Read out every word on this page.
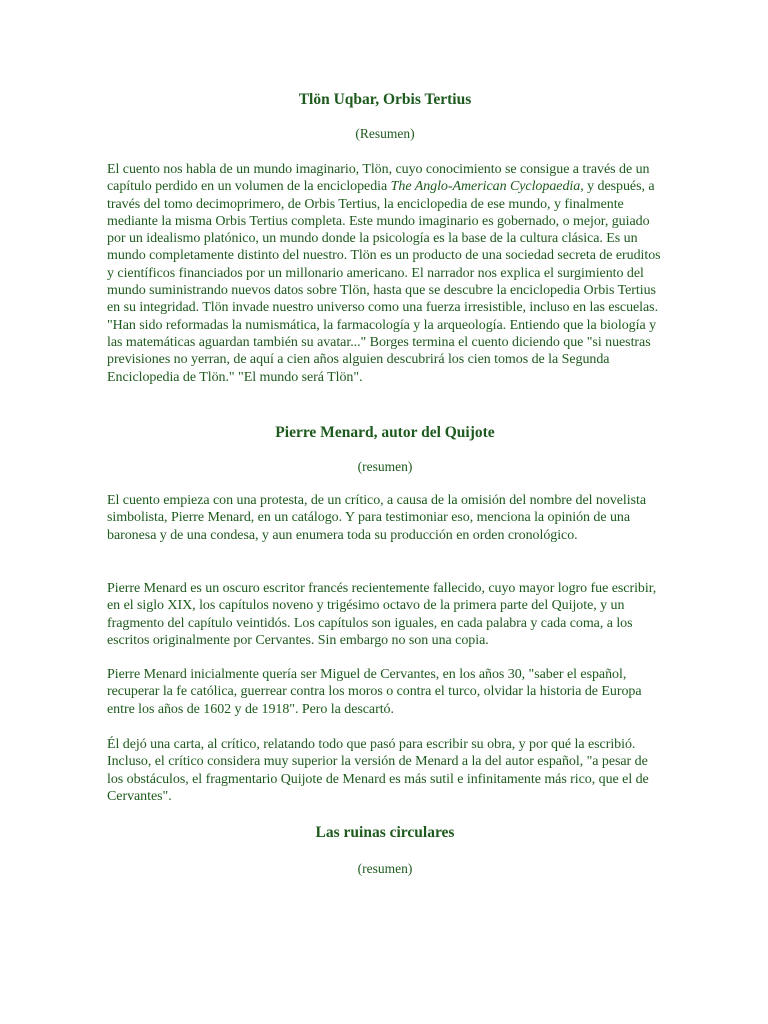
Tlön Uqbar, Orbis Tertius

(Resumen)

El cuento nos habla de un mundo imaginario, Tlön, cuyo conocimiento se consigue a través de un capítulo perdido en un volumen de la enciclopedia The Anglo-American Cyclopaedia, y después, a través del tomo decimoprimero, de Orbis Tertius, la enciclopedia de ese mundo, y finalmente mediante la misma Orbis Tertius completa. Este mundo imaginario es gobernado, o mejor, guiado por un idealismo platónico, un mundo donde la psicología es la base de la cultura clásica. Es un mundo completamente distinto del nuestro. Tlön es un producto de una sociedad secreta de eruditos y científicos financiados por un millonario americano. El narrador nos explica el surgimiento del mundo suministrando nuevos datos sobre Tlön, hasta que se descubre la enciclopedia Orbis Tertius en su integridad. Tlön invade nuestro universo como una fuerza irresistible, incluso en las escuelas. "Han sido reformadas la numismática, la farmacología y la arqueología. Entiendo que la biología y las matemáticas aguardan también su avatar..." Borges termina el cuento diciendo que "si nuestras previsiones no yerran, de aquí a cien años alguien descubrirá los cien tomos de la Segunda Enciclopedia de Tlön." "El mundo será Tlön".

Pierre Menard, autor del Quijote

(resumen)

El cuento empieza con una protesta, de un crítico, a causa de la omisión del nombre del novelista simbolista, Pierre Menard, en un catálogo. Y para testimoniar eso, menciona la opinión de una baronesa y de una condesa, y aun enumera toda su producción en orden cronológico.

Pierre Menard es un oscuro escritor francés recientemente fallecido, cuyo mayor logro fue escribir, en el siglo XIX, los capítulos noveno y trigésimo octavo de la primera parte del Quijote, y un fragmento del capítulo veintidós. Los capítulos son iguales, en cada palabra y cada coma, a los escritos originalmente por Cervantes. Sin embargo no son una copia.

Pierre Menard inicialmente quería ser Miguel de Cervantes, en los años 30, "saber el español, recuperar la fe católica, guerrear contra los moros o contra el turco, olvidar la historia de Europa entre los años de 1602 y de 1918". Pero la descartó.

Él dejó una carta, al crítico, relatando todo que pasó para escribir su obra, y por qué la escribió. Incluso, el crítico considera muy superior la versión de Menard a la del autor español, "a pesar de los obstáculos, el fragmentario Quijote de Menard es más sutil e infinitamente más rico, que el de Cervantes".

Las ruinas circulares

(resumen)
